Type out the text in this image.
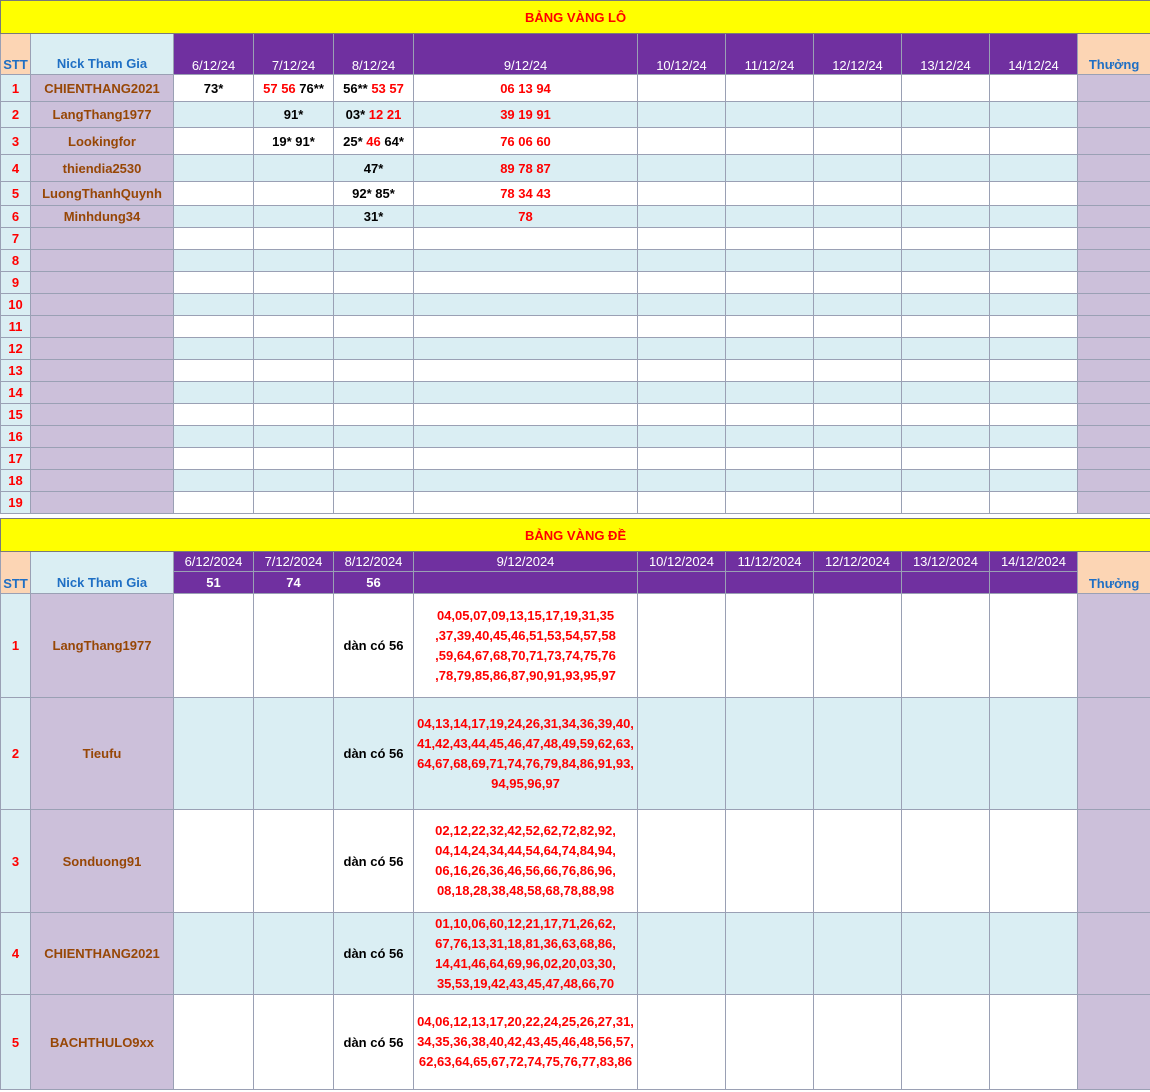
BẢNG VÀNG LÔ											
STT	Nick Tham Gia	6/12/24	7/12/24	8/12/24	9/12/24	10/12/24	11/12/24	12/12/24	13/12/24	14/12/24	Thưởng
1	CHIENTHANG2021	73*	57 56 76**	56** 53 57	06 13 94						
2	LangThang1977		91*	03* 12 21	39 19 91						
3	Lookingfor		19* 91*	25* 46 64*	76 06 60						
4	thiendia2530			47*	89 78 87						
5	LuongThanhQuynh			92* 85*	78 34 43						
6	Minhdung34			31*	78						
7											
8											
9											
10											
11											
12											
13											
14											
15											
16											
17											
18											
19											
BẢNG VÀNG ĐỀ											
STT	Nick Tham Gia	6/12/2024	7/12/2024	8/12/2024	9/12/2024	10/12/2024	11/12/2024	12/12/2024	13/12/2024	14/12/2024	Thưởng
		51	74	56							
1	LangThang1977			dàn có 56	04,05,07,09,13,15,17,19,31,35
,37,39,40,45,46,51,53,54,57,58
,59,64,67,68,70,71,73,74,75,76
,78,79,85,86,87,90,91,93,95,97						

2	Tieufu			dàn có 56	04,13,14,17,19,24,26,31,34,36,39,40,
41,42,43,44,45,46,47,48,49,59,62,63,
64,67,68,69,71,74,76,79,84,86,91,93,
94,95,96,97						

3	Sonduong91			dàn có 56	02,12,22,32,42,52,62,72,82,92,
04,14,24,34,44,54,64,74,84,94,
06,16,26,36,46,56,66,76,86,96,
08,18,28,38,48,58,68,78,88,98						

4	CHIENTHANG2021			dàn có 56	01,10,06,60,12,21,17,71,26,62,
67,76,13,31,18,81,36,63,68,86,
14,41,46,64,69,96,02,20,03,30,
35,53,19,42,43,45,47,48,66,70						

5	BACHTHULO9xx			dàn có 56	04,06,12,13,17,20,22,24,25,26,27,31,
34,35,36,38,40,42,43,45,46,48,56,57,
62,63,64,65,67,72,74,75,76,77,83,86						
